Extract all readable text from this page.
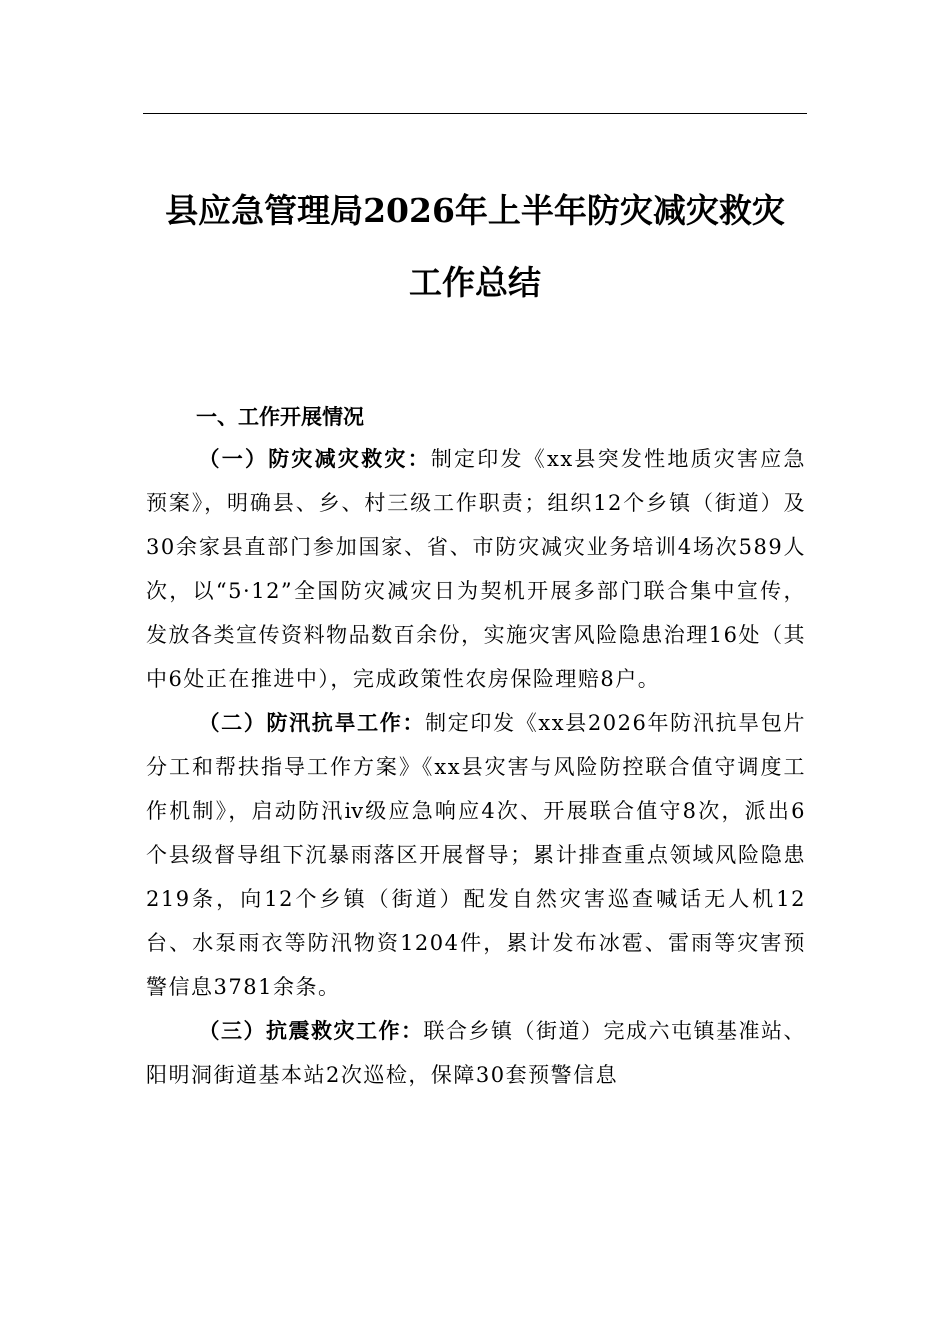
县应急管理局2026年上半年防灾减灾救灾
工作总结

一、工作开展情况

（一）防灾减灾救灾：制定印发《xx县突发性地质灾害应急预案》，明确县、乡、村三级工作职责；组织12个乡镇（街道）及30余家县直部门参加国家、省、市防灾减灾业务培训4场次589人次，以“5·12”全国防灾减灾日为契机开展多部门联合集中宣传，发放各类宣传资料物品数百余份，实施灾害风险隐患治理16处（其中6处正在推进中），完成政策性农房保险理赔8户。

（二）防汛抗旱工作：制定印发《xx县2026年防汛抗旱包片分工和帮扶指导工作方案》《xx县灾害与风险防控联合值守调度工作机制》，启动防汛ⅳ级应急响应4次、开展联合值守8次，派出6个县级督导组下沉暴雨落区开展督导；累计排查重点领域风险隐患219条，向12个乡镇（街道）配发自然灾害巡查喊话无人机12台、水泵雨衣等防汛物资1204件，累计发布冰雹、雷雨等灾害预警信息3781余条。

（三）抗震救灾工作：联合乡镇（街道）完成六屯镇基准站、阳明洞街道基本站2次巡检，保障30套预警信息
